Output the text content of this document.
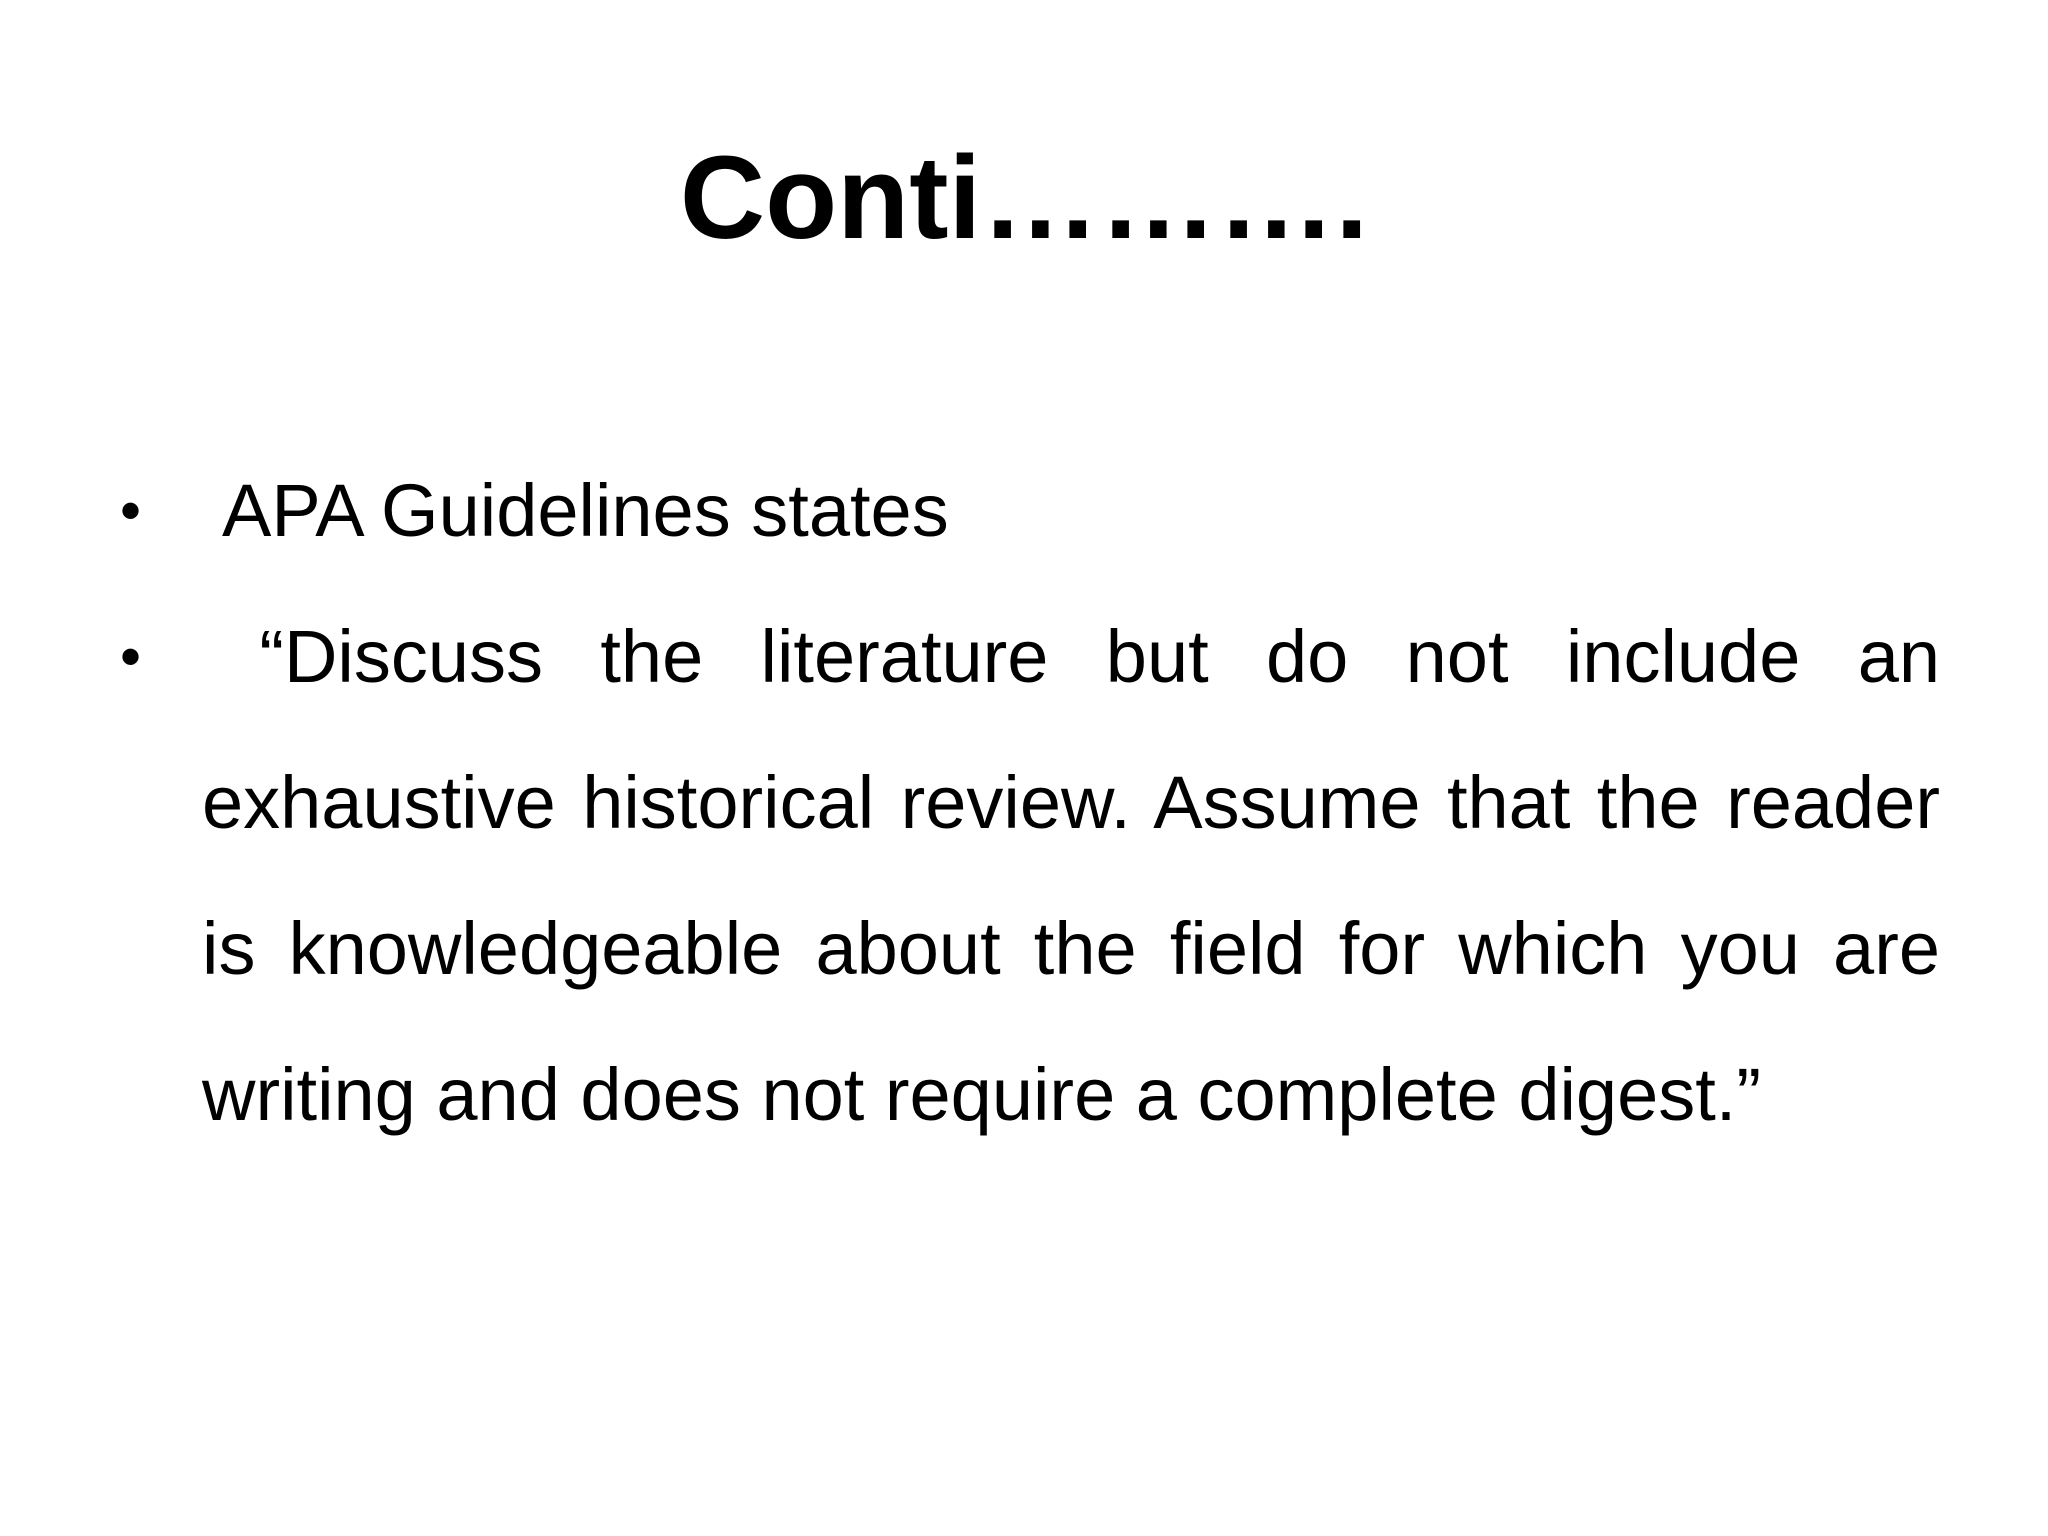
Conti……….
• APA Guidelines states
• “Discuss the literature but do not include an exhaustive historical review. Assume that the reader is knowledgeable about the field for which you are writing and does not require a complete digest.”
